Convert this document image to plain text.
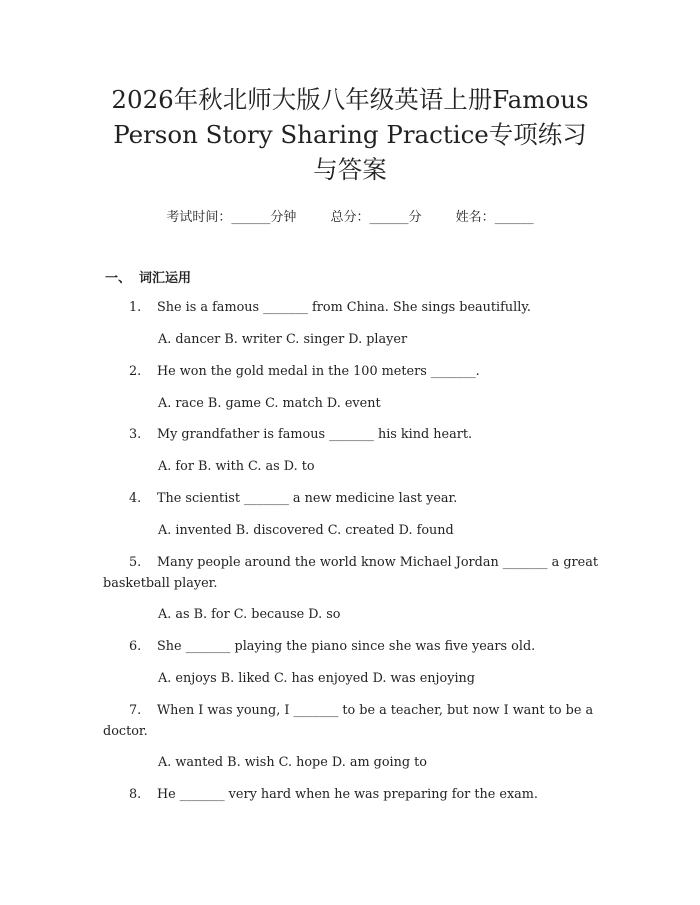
2026年秋北师大版八年级英语上册Famous
Person Story Sharing Practice专项练习
与答案
考试时间：______分钟	总分：______分	姓名：______
一、 词汇运用

1. She is a famous _______ from China. She sings beautifully.

A. dancer B. writer C. singer D. player

2. He won the gold medal in the 100 meters _______.

A. race B. game C. match D. event

3. My grandfather is famous _______ his kind heart.

A. for B. with C. as D. to

4. The scientist _______ a new medicine last year.

A. invented B. discovered C. created D. found

5. Many people around the world know Michael Jordan _______ a great basketball player.

A. as B. for C. because D. so

6. She _______ playing the piano since she was five years old.

A. enjoys B. liked C. has enjoyed D. was enjoying

7. When I was young, I _______ to be a teacher, but now I want to be a doctor.

A. wanted B. wish C. hope D. am going to

8. He _______ very hard when he was preparing for the exam.
